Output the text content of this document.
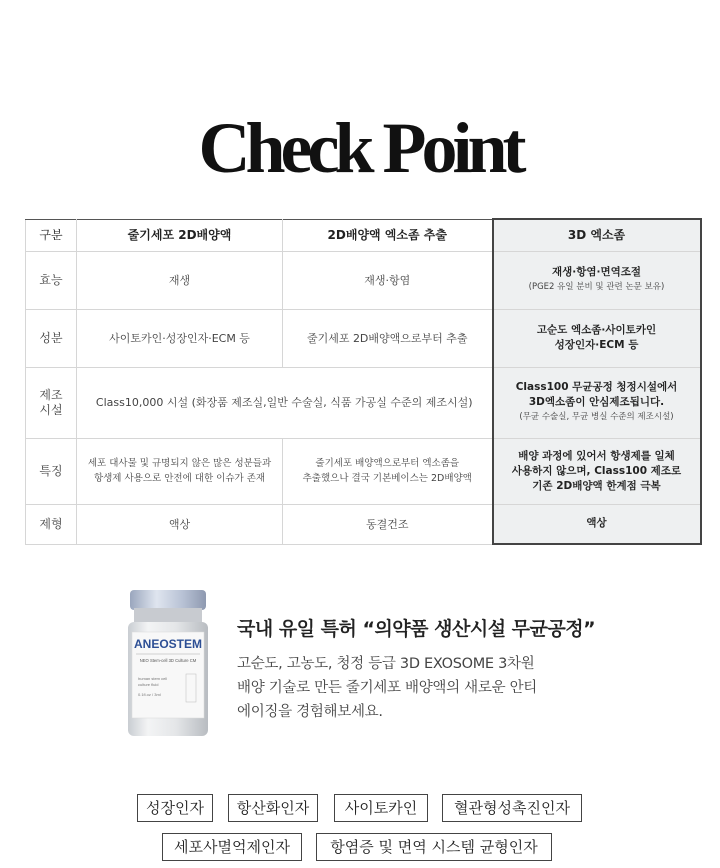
Check Point
구분	줄기세포 2D배양액	2D배양액 엑소좀 추출	3D 엑소좀
효능	재생	재생·항염	재생·항염·면역조절
(PGE2 유일 분비 및 관련 논문 보유)

성분	사이토카인·성장인자·ECM 등	줄기세포 2D배양액으로부터 추출	고순도 엑소좀·사이토카인
성장인자·ECM 등
제조
시설	Class10,000 시설 (화장품 제조실,일반 수술실, 식품 가공실 수준의 제조시설)		Class100 무균공정 청정시설에서
3D엑소좀이 안심제조됩니다.
(무균 수술실, 무균 병실 수준의 제조시설)

특징	세포 대사물 및 규명되지 않은 많은 성분들과
항생제 사용으로 안전에 대한 이슈가 존재	줄기세포 배양액으로부터 엑소좀을
추출했으나 결국 기본베이스는 2D배양액	배양 과정에 있어서 항생제를 일체
사용하지 않으며, Class100 제조로
기존 2D배양액 한계점 극복
제형	액상	동결건조	액상
ANEOSTEM
NEO Stem-cell 3D Culture CM
human stem cell
culture fluid
0.1fl.oz / 3ml
국내 유일 특허 “의약품 생산시설 무균공정”
고순도, 고농도, 청정 등급 3D EXOSOME 3차원
배양 기술로 만든 줄기세포 배양액의 새로운 안티
에이징을 경험해보세요.
성장인자	항산화인자	사이토카인	혈관형성촉진인자
세포사멸억제인자	항염증 및 면역 시스템 균형인자
